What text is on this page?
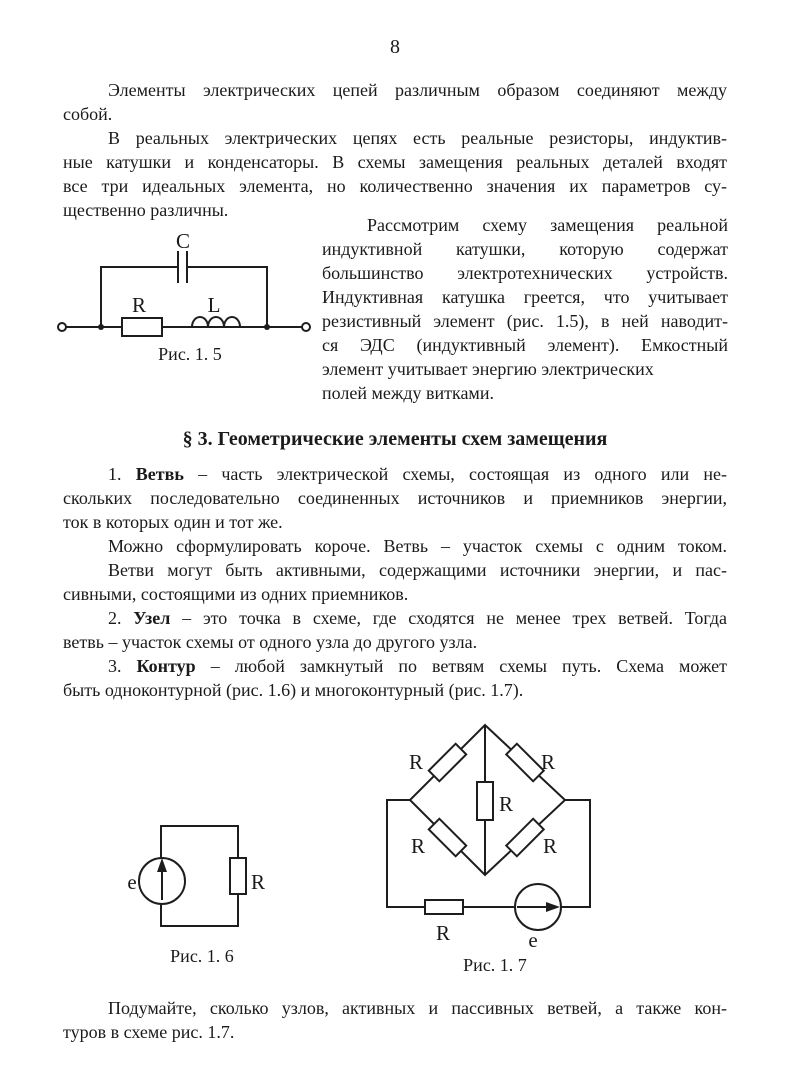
8
Элементы электрических цепей различным образом соединяют между
собой.
В реальных электрических цепях есть реальные резисторы, индуктив-
ные катушки и конденсаторы. В схемы замещения реальных деталей входят
все три идеальных элемента, но количественно значения их параметров су-
щественно различны.
C
R	L
Рис. 1. 5
Рассмотрим схему замещения реальной
индуктивной катушки, которую содержат
большинство электротехнических устройств.
Индуктивная катушка греется, что учитывает
резистивный элемент (рис. 1.5), в ней наводит-
ся ЭДС (индуктивный элемент). Емкостный
элемент учитывает энергию электрических
полей между витками.
§ 3. Геометрические элементы схем замещения
1. Ветвь – часть электрической схемы, состоящая из одного или не-
скольких последовательно соединенных источников и приемников энергии,
ток в которых один и тот же.
Можно сформулировать короче. Ветвь – участок схемы с одним током.
Ветви могут быть активными, содержащими источники энергии, и пас-
сивными, состоящими из одних приемников.
2. Узел – это точка в схеме, где сходятся не менее трех ветвей. Тогда
ветвь – участок схемы от одного узла до другого узла.
3. Контур – любой замкнутый по ветвям схемы путь. Схема может
быть одноконтурной (рис. 1.6) и многоконтурный (рис. 1.7).
e	R
Рис. 1. 6
R	R
R
R	R
R	e
Рис. 1. 7
Подумайте, сколько узлов, активных и пассивных ветвей, а также кон-
туров в схеме рис. 1.7.
